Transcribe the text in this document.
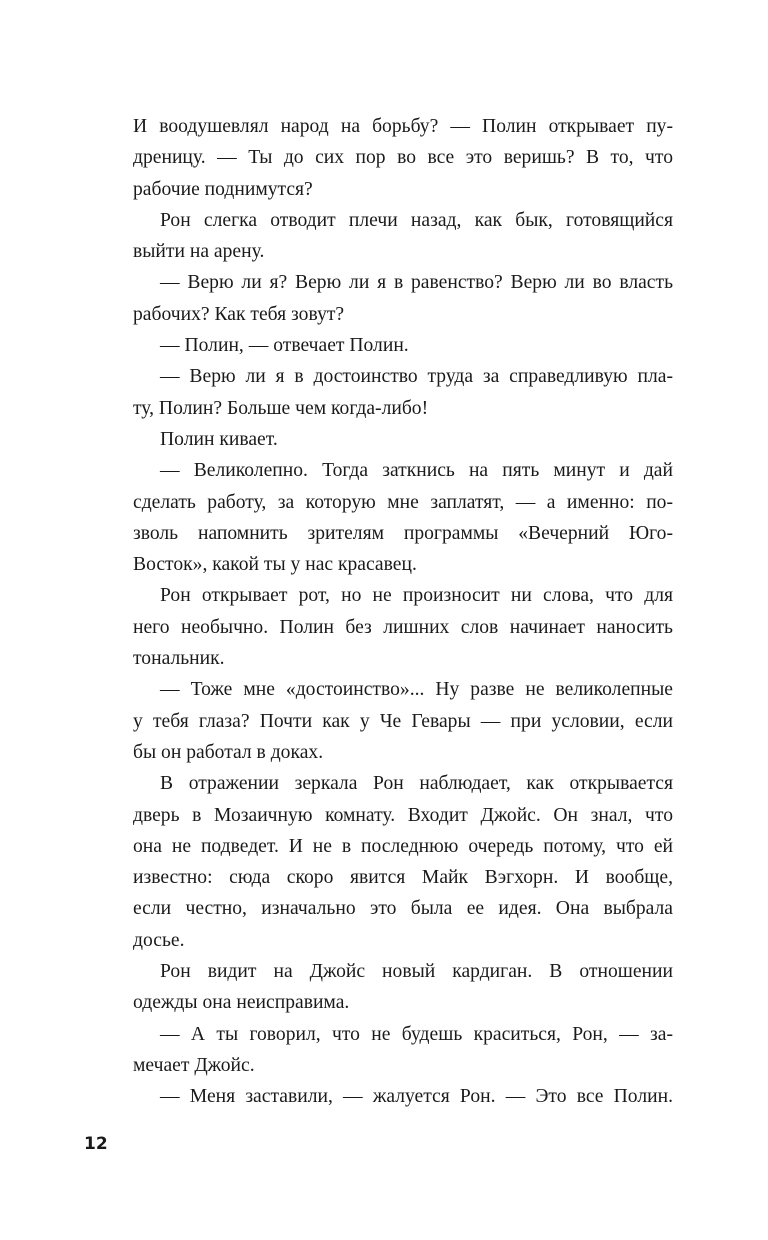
И воодушевлял народ на борьбу? — Полин открывает пу-
дреницу. — Ты до сих пор во все это веришь? В то, что
рабочие поднимутся?
Рон слегка отводит плечи назад, как бык, готовящийся
выйти на арену.
— Верю ли я? Верю ли я в равенство? Верю ли во власть
рабочих? Как тебя зовут?
— Полин, — отвечает Полин.
— Верю ли я в достоинство труда за справедливую пла-
ту, Полин? Больше чем когда-либо!
Полин кивает.
— Великолепно. Тогда заткнись на пять минут и дай
сделать работу, за которую мне заплатят, — а именно: по-
зволь напомнить зрителям программы «Вечерний Юго-
Восток», какой ты у нас красавец.
Рон открывает рот, но не произносит ни слова, что для
него необычно. Полин без лишних слов начинает наносить
тональник.
— Тоже мне «достоинство»... Ну разве не великолепные
у тебя глаза? Почти как у Че Гевары — при условии, если
бы он работал в доках.
В отражении зеркала Рон наблюдает, как открывается
дверь в Мозаичную комнату. Входит Джойс. Он знал, что
она не подведет. И не в последнюю очередь потому, что ей
известно: сюда скоро явится Майк Вэгхорн. И вообще,
если честно, изначально это была ее идея. Она выбрала
досье.
Рон видит на Джойс новый кардиган. В отношении
одежды она неисправима.
— А ты говорил, что не будешь краситься, Рон, — за-
мечает Джойс.
— Меня заставили, — жалуется Рон. — Это все Полин.
12
